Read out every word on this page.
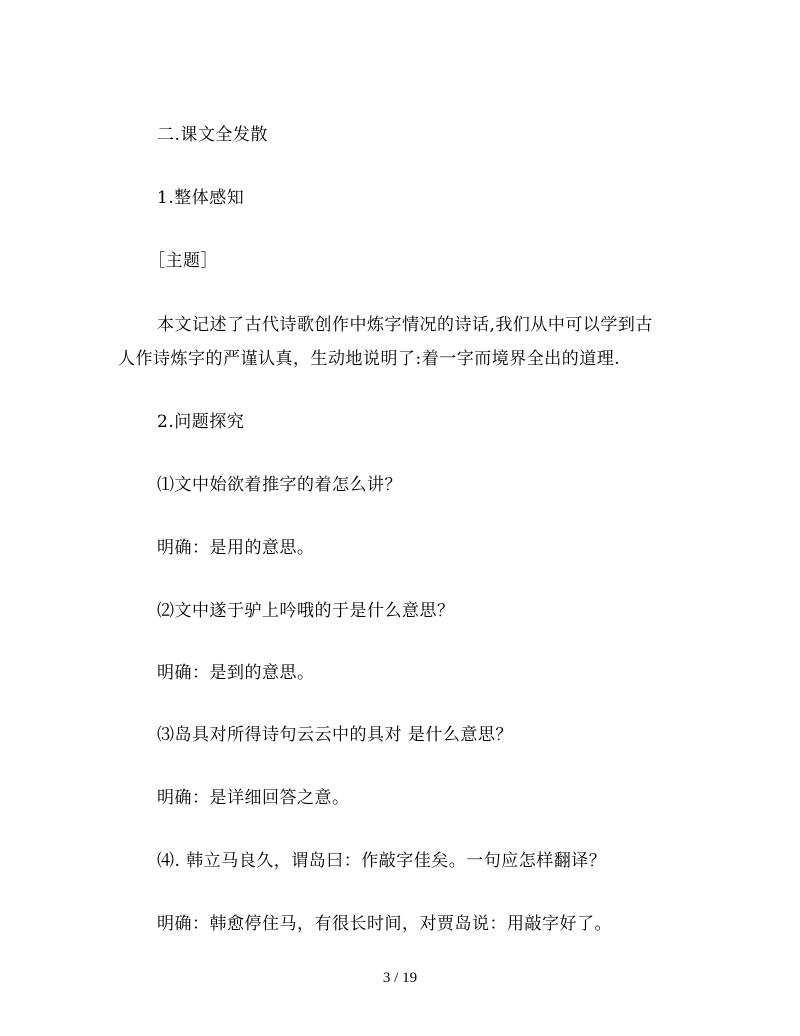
二.课文全发散
1.整体感知
［主题］
本文记述了古代诗歌创作中炼字情况的诗话,我们从中可以学到古
人作诗炼字的严谨认真，生动地说明了:着一字而境界全出的道理.
2.问题探究
⑴文中始欲着推字的着怎么讲？
明确：是用的意思。
⑵文中遂于驴上吟哦的于是什么意思？
明确：是到的意思。
⑶岛具对所得诗句云云中的具对 是什么意思？
明确：是详细回答之意。
⑷. 韩立马良久，谓岛曰：作敲字佳矣。一句应怎样翻译？
明确：韩愈停住马，有很长时间，对贾岛说：用敲字好了。
3 / 19
